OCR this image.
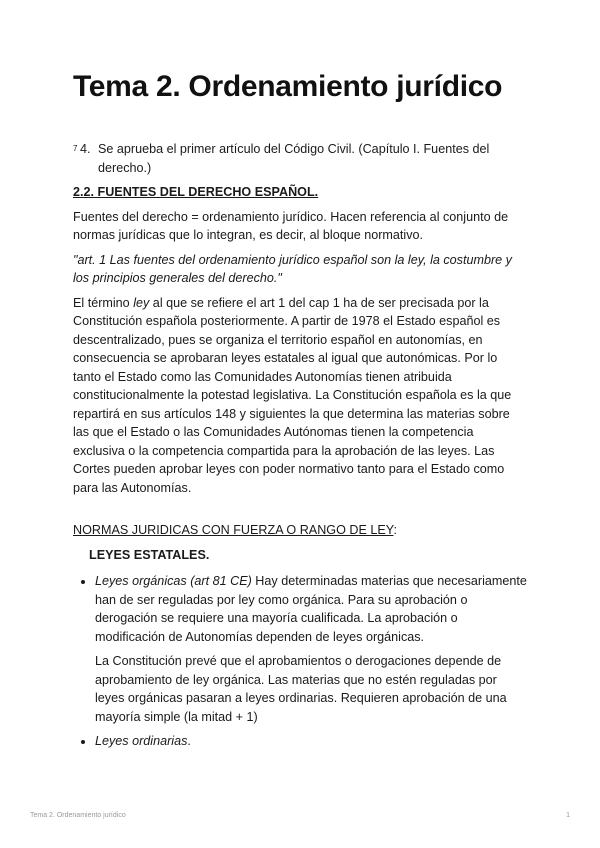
Tema 2. Ordenamiento jurídico
7 4. Se aprueba el primer artículo del Código Civil. (Capítulo I. Fuentes del derecho.)
2.2. FUENTES DEL DERECHO ESPAÑOL.

Fuentes del derecho = ordenamiento jurídico. Hacen referencia al conjunto de normas jurídicas que lo integran, es decir, al bloque normativo.

"art. 1 Las fuentes del ordenamiento jurídico español son la ley, la costumbre y los principios generales del derecho."

El término ley al que se refiere el art 1 del cap 1 ha de ser precisada por la Constitución española posteriormente. A partir de 1978 el Estado español es descentralizado, pues se organiza el territorio español en autonomías, en consecuencia se aprobaran leyes estatales al igual que autonómicas. Por lo tanto el Estado como las Comunidades Autonomías tienen atribuida constitucionalmente la potestad legislativa. La Constitución española es la que repartirá en sus artículos 148 y siguientes la que determina las materias sobre las que el Estado o las Comunidades Autónomas tienen la competencia exclusiva o la competencia compartida para la aprobación de las leyes. Las Cortes pueden aprobar leyes con poder normativo tanto para el Estado como para las Autonomías.

NORMAS JURIDICAS CON FUERZA O RANGO DE LEY:

LEYES ESTATALES.

• Leyes orgánicas (art 81 CE) Hay determinadas materias que necesariamente han de ser reguladas por ley como orgánica. Para su aprobación o derogación se requiere una mayoría cualificada. La aprobación o modificación de Autonomías dependen de leyes orgánicas.

La Constitución prevé que el aprobamientos o derogaciones depende de aprobamiento de ley orgánica. Las materias que no estén reguladas por leyes orgánicas pasaran a leyes ordinarias. Requieren aprobación de una mayoría simple (la mitad + 1)

• Leyes ordinarias.

Tema 2. Ordenamiento jurídico	1
